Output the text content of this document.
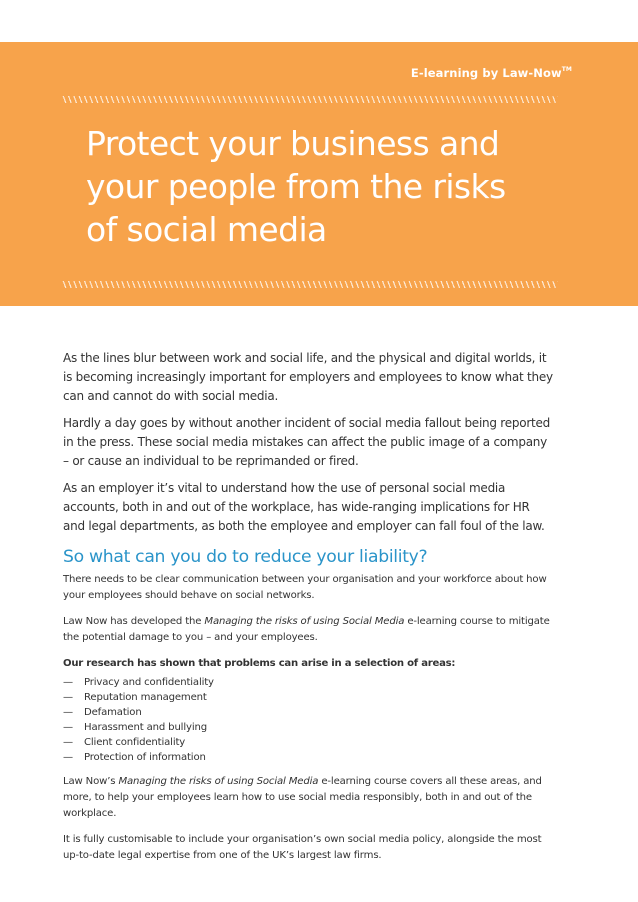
E-learning by Law-Now™
Protect your business and
your people from the risks
of social media

As the lines blur between work and social life, and the physical and digital worlds, it is becoming increasingly important for employers and employees to know what they can and cannot do with social media.

Hardly a day goes by without another incident of social media fallout being reported in the press. These social media mistakes can affect the public image of a company – or cause an individual to be reprimanded or fired.

As an employer it’s vital to understand how the use of personal social media accounts, both in and out of the workplace, has wide-ranging implications for HR and legal departments, as both the employee and employer can fall foul of the law.

So what can you do to reduce your liability?

There needs to be clear communication between your organisation and your workforce about how your employees should behave on social networks.

Law Now has developed the Managing the risks of using Social Media e-learning course to mitigate the potential damage to you – and your employees.

Our research has shown that problems can arise in a selection of areas:

—	Privacy and confidentiality
—	Reputation management
—	Defamation
—	Harassment and bullying
—	Client confidentiality
—	Protection of information

Law Now’s Managing the risks of using Social Media e-learning course covers all these areas, and more, to help your employees learn how to use social media responsibly, both in and out of the workplace.

It is fully customisable to include your organisation’s own social media policy, alongside the most up-to-date legal expertise from one of the UK’s largest law firms.
